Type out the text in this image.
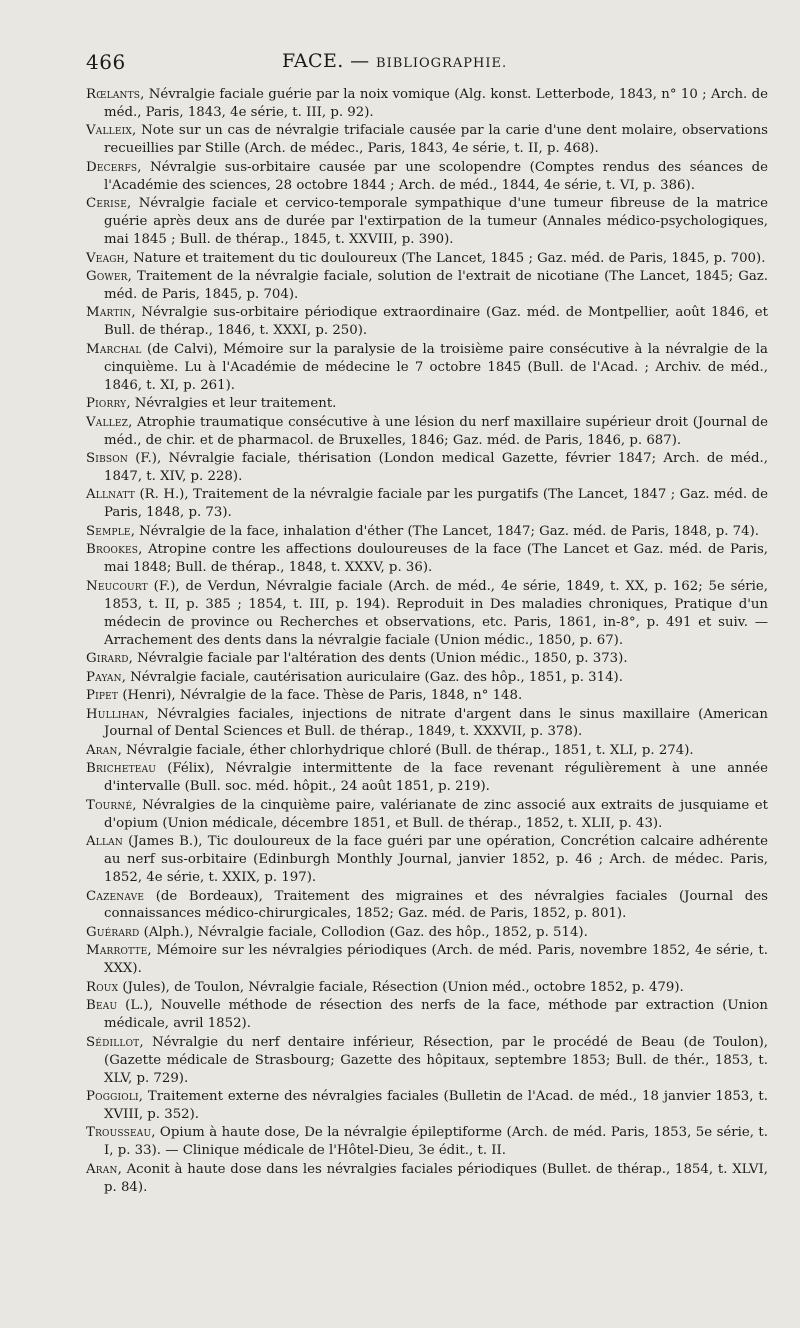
466	FACE. — BIBLIOGRAPHIE.

Rœlants, Névralgie faciale guérie par la noix vomique (Alg. konst. Letterbode, 1843, n° 10 ; Arch. de méd., Paris, 1843, 4e série, t. III, p. 92).

Valleix, Note sur un cas de névralgie trifaciale causée par la carie d'une dent molaire, observations recueillies par Stille (Arch. de médec., Paris, 1843, 4e série, t. II, p. 468).

Decerfs, Névralgie sus-orbitaire causée par une scolopendre (Comptes rendus des séances de l'Académie des sciences, 28 octobre 1844 ; Arch. de méd., 1844, 4e série, t. VI, p. 386).

Cerise, Névralgie faciale et cervico-temporale sympathique d'une tumeur fibreuse de la matrice guérie après deux ans de durée par l'extirpation de la tumeur (Annales médico-psychologiques, mai 1845 ; Bull. de thérap., 1845, t. XXVIII, p. 390).

Veagh, Nature et traitement du tic douloureux (The Lancet, 1845 ; Gaz. méd. de Paris, 1845, p. 700).

Gower, Traitement de la névralgie faciale, solution de l'extrait de nicotiane (The Lancet, 1845; Gaz. méd. de Paris, 1845, p. 704).

Martin, Névralgie sus-orbitaire périodique extraordinaire (Gaz. méd. de Montpellier, août 1846, et Bull. de thérap., 1846, t. XXXI, p. 250).

Marchal (de Calvi), Mémoire sur la paralysie de la troisième paire consécutive à la névralgie de la cinquième. Lu à l'Académie de médecine le 7 octobre 1845 (Bull. de l'Acad. ; Archiv. de méd., 1846, t. XI, p. 261).

Piorry, Névralgies et leur traitement.

Vallez, Atrophie traumatique consécutive à une lésion du nerf maxillaire supérieur droit (Journal de méd., de chir. et de pharmacol. de Bruxelles, 1846; Gaz. méd. de Paris, 1846, p. 687).

Sibson (F.), Névralgie faciale, thérisation (London medical Gazette, février 1847; Arch. de méd., 1847, t. XIV, p. 228).

Allnatt (R. H.), Traitement de la névralgie faciale par les purgatifs (The Lancet, 1847 ; Gaz. méd. de Paris, 1848, p. 73).

Semple, Névralgie de la face, inhalation d'éther (The Lancet, 1847; Gaz. méd. de Paris, 1848, p. 74).

Brookes, Atropine contre les affections douloureuses de la face (The Lancet et Gaz. méd. de Paris, mai 1848; Bull. de thérap., 1848, t. XXXV, p. 36).

Neucourt (F.), de Verdun, Névralgie faciale (Arch. de méd., 4e série, 1849, t. XX, p. 162; 5e série, 1853, t. II, p. 385 ; 1854, t. III, p. 194). Reproduit in Des maladies chroniques, Pratique d'un médecin de province ou Recherches et observations, etc. Paris, 1861, in-8°, p. 491 et suiv. — Arrachement des dents dans la névralgie faciale (Union médic., 1850, p. 67).

Girard, Névralgie faciale par l'altération des dents (Union médic., 1850, p. 373).

Payan, Névralgie faciale, cautérisation auriculaire (Gaz. des hôp., 1851, p. 314).

Pipet (Henri), Névralgie de la face. Thèse de Paris, 1848, n° 148.

Hullihan, Névralgies faciales, injections de nitrate d'argent dans le sinus maxillaire (American Journal of Dental Sciences et Bull. de thérap., 1849, t. XXXVII, p. 378).

Aran, Névralgie faciale, éther chlorhydrique chloré (Bull. de thérap., 1851, t. XLI, p. 274).

Bricheteau (Félix), Névralgie intermittente de la face revenant régulièrement à une année d'intervalle (Bull. soc. méd. hôpit., 24 août 1851, p. 219).

Tourné, Névralgies de la cinquième paire, valérianate de zinc associé aux extraits de jusquiame et d'opium (Union médicale, décembre 1851, et Bull. de thérap., 1852, t. XLII, p. 43).

Allan (James B.), Tic douloureux de la face guéri par une opération, Concrétion calcaire adhérente au nerf sus-orbitaire (Edinburgh Monthly Journal, janvier 1852, p. 46 ; Arch. de médec. Paris, 1852, 4e série, t. XXIX, p. 197).

Cazenave (de Bordeaux), Traitement des migraines et des névralgies faciales (Journal des connaissances médico-chirurgicales, 1852; Gaz. méd. de Paris, 1852, p. 801).

Guérard (Alph.), Névralgie faciale, Collodion (Gaz. des hôp., 1852, p. 514).

Marrotte, Mémoire sur les névralgies périodiques (Arch. de méd. Paris, novembre 1852, 4e série, t. XXX).

Roux (Jules), de Toulon, Névralgie faciale, Résection (Union méd., octobre 1852, p. 479).

Beau (L.), Nouvelle méthode de résection des nerfs de la face, méthode par extraction (Union médicale, avril 1852).

Sédillot, Névralgie du nerf dentaire inférieur, Résection, par le procédé de Beau (de Toulon), (Gazette médicale de Strasbourg; Gazette des hôpitaux, septembre 1853; Bull. de thér., 1853, t. XLV, p. 729).

Poggioli, Traitement externe des névralgies faciales (Bulletin de l'Acad. de méd., 18 janvier 1853, t. XVIII, p. 352).

Trousseau, Opium à haute dose, De la névralgie épileptiforme (Arch. de méd. Paris, 1853, 5e série, t. I, p. 33). — Clinique médicale de l'Hôtel-Dieu, 3e édit., t. II.

Aran, Aconit à haute dose dans les névralgies faciales périodiques (Bullet. de thérap., 1854, t. XLVI, p. 84).
